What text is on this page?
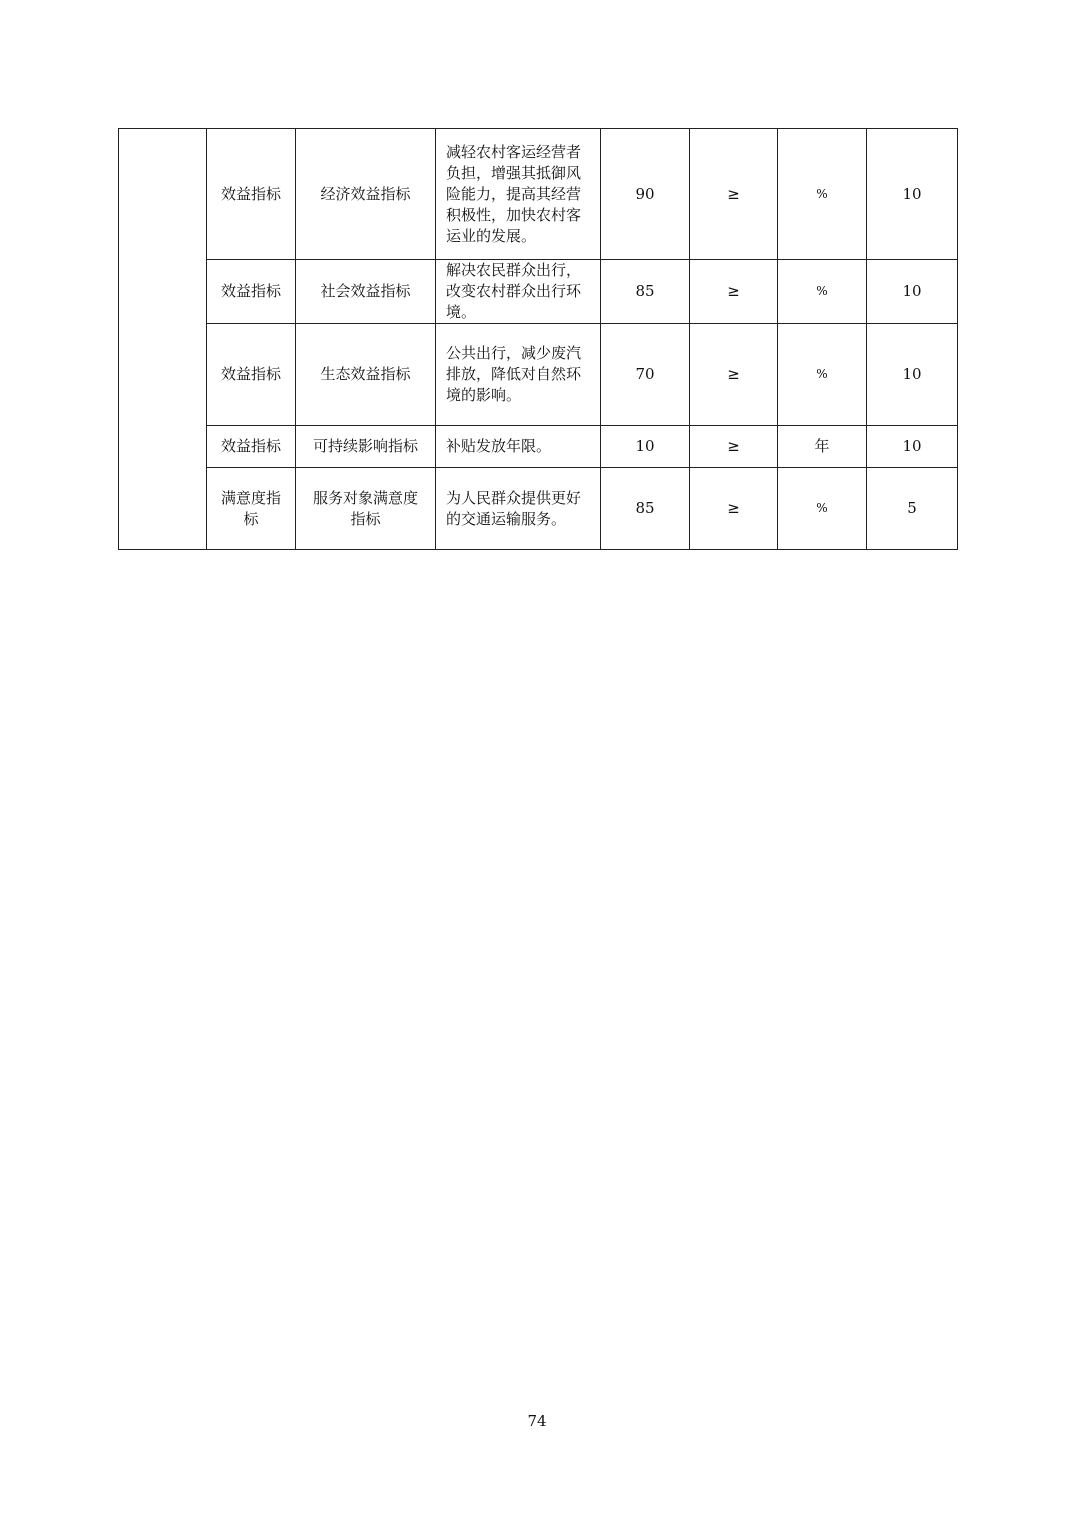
	效益指标	经济效益指标	减轻农村客运经营者负担，增强其抵御风险能力，提高其经营积极性，加快农村客运业的发展。	90	≥	%	10
	效益指标	社会效益指标	解决农民群众出行，改变农村群众出行环境。	85	≥	%	10
	效益指标	生态效益指标	公共出行，减少废汽排放，降低对自然环境的影响。	70	≥	%	10
	效益指标	可持续影响指标	补贴发放年限。	10	≥	年	10
	满意度指标	服务对象满意度指标	为人民群众提供更好的交通运输服务。	85	≥	%	5
74
